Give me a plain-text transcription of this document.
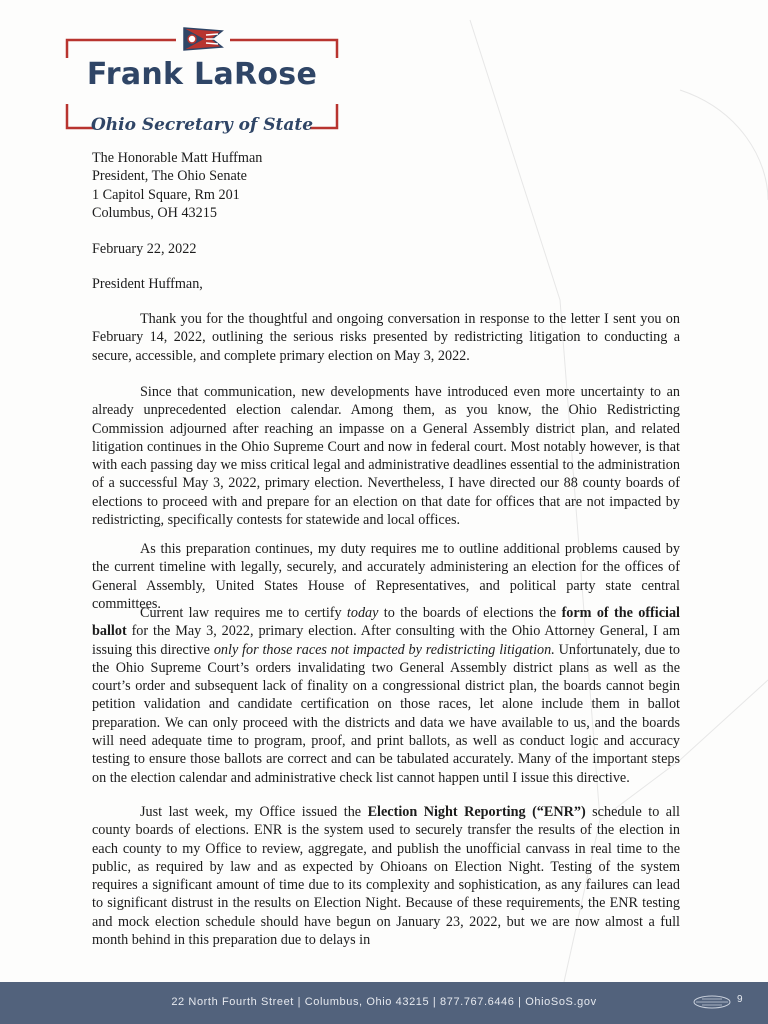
Frank LaRose
Ohio Secretary of State
The Honorable Matt Huffman
President, The Ohio Senate
1 Capitol Square, Rm 201
Columbus, OH 43215
February 22, 2022
President Huffman,

Thank you for the thoughtful and ongoing conversation in response to the letter I sent you on February 14, 2022, outlining the serious risks presented by redistricting litigation to conducting a secure, accessible, and complete primary election on May 3, 2022.

Since that communication, new developments have introduced even more uncertainty to an already unprecedented election calendar. Among them, as you know, the Ohio Redistricting Commission adjourned after reaching an impasse on a General Assembly district plan, and related litigation continues in the Ohio Supreme Court and now in federal court. Most notably however, is that with each passing day we miss critical legal and administrative deadlines essential to the administration of a successful May 3, 2022, primary election. Nevertheless, I have directed our 88 county boards of elections to proceed with and prepare for an election on that date for offices that are not impacted by redistricting, specifically contests for statewide and local offices.

As this preparation continues, my duty requires me to outline additional problems caused by the current timeline with legally, securely, and accurately administering an election for the offices of General Assembly, United States House of Representatives, and political party state central committees.

Current law requires me to certify today to the boards of elections the form of the official ballot for the May 3, 2022, primary election. After consulting with the Ohio Attorney General, I am issuing this directive only for those races not impacted by redistricting litigation. Unfortunately, due to the Ohio Supreme Court’s orders invalidating two General Assembly district plans as well as the court’s order and subsequent lack of finality on a congressional district plan, the boards cannot begin petition validation and candidate certification on those races, let alone include them in ballot preparation. We can only proceed with the districts and data we have available to us, and the boards will need adequate time to program, proof, and print ballots, as well as conduct logic and accuracy testing to ensure those ballots are correct and can be tabulated accurately. Many of the important steps on the election calendar and administrative check list cannot happen until I issue this directive.

Just last week, my Office issued the Election Night Reporting (“ENR”) schedule to all county boards of elections. ENR is the system used to securely transfer the results of the election in each county to my Office to review, aggregate, and publish the unofficial canvass in real time to the public, as required by law and as expected by Ohioans on Election Night. Testing of the system requires a significant amount of time due to its complexity and sophistication, as any failures can lead to significant distrust in the results on Election Night. Because of these requirements, the ENR testing and mock election schedule should have begun on January 23, 2022, but we are now almost a full month behind in this preparation due to delays in

22 North Fourth Street | Columbus, Ohio 43215 | 877.767.6446 | OhioSoS.gov	9
